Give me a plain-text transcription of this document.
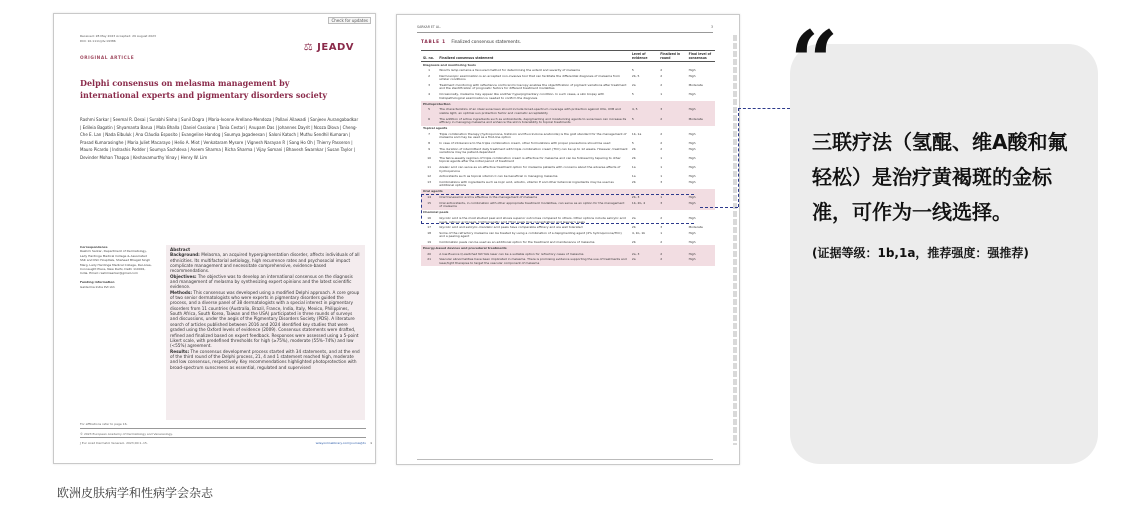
Check for updates
Received: 28 May 2023 Accepted: 29 August 2023
DOI: 10.1111/jdv.19386
⚖ JEADV
ORIGINAL ARTICLE
Delphi consensus on melasma management by international experts and pigmentary disorders society
Rashmi Sarkar | Seemal R. Desai | Surabhi Sinha | Sunil Dogra | Maria-Ivonne Arellano-Mendoza | Pallavi Ailawadi | Sanjeev Aurangabadkar | Edileia Bagatin | Shyamanta Barua | Mala Bhalla | Daniel Cassiano | Tania Cestari | Anupam Das | Johannes Dayrit | Ncoza Dlova | Cheng-Che E. Lan | Nada Elbuluk | Ana Cláudia Esposito | Evangeline Handog | Soumya Jagadeesan | Saloni Katoch | Muthu Sendhil Kumaran | Prasad Kumarasinghe | Maria Juliet Macarayo | Helio A. Miot | Venkataram Mysore | Vignesh Narayan R | Sang Ho Oh | Thierry Passeron | Mauro Picardo | Indrashis Podder | Soumya Sachdeva | Aseem Sharma | Richa Sharma | Vijay Somani | Bhavesh Swarnkar | Susan Taylor | Devinder Mohan Thappa | Keshavamurthy Vinay | Henry W. Lim
Correspondence
Rashmi Sarkar, Department of Dermatology, Lady Hardinge Medical College & Associated SSK and KSC Hospitals, Shaheed Bhagat Singh Marg, Lady Hardinge Medical College, Del-Area, Connaught Place, New Delhi, Delhi 110001, India. Email: rashmisarkar@gmail.com

Funding information
Galderma India Pvt Ltd.
Abstract
Background: Melasma, an acquired hyperpigmentation disorder, affects individuals of all ethnicities. Its multifactorial aetiology, high recurrence rates and psychosocial impact complicate management and necessitate comprehensive, evidence-based recommendations.
Objectives: The objective was to develop an international consensus on the diagnosis and management of melasma by synthesizing expert opinions and the latest scientific evidence.
Methods: This consensus was developed using a modified Delphi approach. A core group of two senior dermatologists who were experts in pigmentary disorders guided the process, and a diverse panel of 38 dermatologists with a special interest in pigmentary disorders from 11 countries (Australia, Brazil, France, India, Italy, Mexico, Philippines, South Africa, South Korea, Taiwan and the USA) participated in three rounds of surveys and discussions, under the aegis of the Pigmentary Disorders Society (PDS). A literature search of articles published between 2016 and 2024 identified key studies that were graded using the Oxford levels of evidence (2009). Consensus statements were drafted, refined and finalized based on expert feedback. Responses were assessed using a 5-point Likert scale, with predefined thresholds for high (≥75%), moderate (55%–74%) and low (<55%) agreement.
Results: The consensus development process started with 34 statements, and at the end of the third round of the Delphi process, 21, 4 and 1 statement reached high, moderate and low consensus, respectively. Key recommendations highlighted photoprotection with broad-spectrum sunscreens as essential, regulated and supervised
For affiliations refer to page 16.
© 2023 European Academy of Dermatology and Venereology.
J Eur Acad Dermatol Venereol. 2023;00:1–15.	wileyonlinelibrary.com/journal/jdv 1
SARKAR ET AL.	3
TABLE 1 Finalized consensus statements.
Sl. no.	Finalized consensus statement	Level of evidence	Finalized in round	Final level of consensus
Diagnosis and monitoring tools				
1	Wood's lamp remains a favoured method for determining the extent and severity of melasma	5	2	High
2	Dermoscopic examination is an accepted non-invasive tool that can facilitate the differential diagnosis of melasma from similar conditions	2b, 5	2	High
3	Treatment monitoring with reflectance confocal microscopy enables the objectification of pigment variations after treatment and the identification of prognostic factors for different treatment modalities	2a	2	Moderate
4	Occasionally, melasma may appear like another hyperpigmentary condition. In such cases, a skin biopsy with histopathological examination is needed to confirm the diagnosis	5	1	High
Photoprotection				
5	The characteristics of an ideal sunscreen should include broad-spectrum coverage with protection against UVA, UVB and visible light, an optimal sun protection factor and cosmetic acceptability	4, 5	3	High
6	The addition of active ingredients such as antioxidants, depigmenting and moisturizing agents to sunscreen can increase its efficacy in managing melasma and enhance the skin's tolerability to topical treatments	5	2	Moderate
Topical agents				
7	Triple combination therapy (hydroquinone, tretinoin and fluocinolone acetonide) is the gold standard for the management of melasma and may be used as a first-line option	1b, 1a	2	High
8	In case of intolerance to the triple combination cream, other formulations with proper precautions should be used	5	2	High
9	The duration of intermittent daily treatment with triple combination cream (TCC) can be up to 12 weeks. However, treatment variations may be patient-dependent	2b	2	High
10	The twice-weekly regimen of triple combination cream is effective for melasma and can be followed by tapering to other topical agents after the initial period of treatment	2b	1	High
11	Azelaic acid can serve as an effective treatment option for melasma patients with concerns about the adverse effects of hydroquinone	1a	1	High
12	Antioxidants such as topical vitamin C can be beneficial in managing melasma	1a	1	High
13	Combinations with ingredients such as kojic acid, arbutin, vitamin E and other botanical ingredients may be used as additional options	2b	3	High
Oral agents				
14	Oral tranexamic acid is effective in the management of melasma	2b, 3	1	High
15	Oral antioxidants, in combination with other appropriate treatment modalities, can serve as an option for the management of melasma	1b, 2b, 4	3	High
Chemical peels				
16	Glycolic acid is the most studied peel and shows superior outcomes compared to others. Other options include salicylic acid peels, retinoic acid peels, trichloroacetic acid (TCA) peels (low concentration) and Jessner's peels	2a	2	High
17	Glycolic acid and salicylic–mandelic acid peels have comparable efficacy and are well tolerated	2b	3	Moderate
18	Some of the refractory melasma can be treated by using a combination of a depigmenting agent (4% hydroquinone/TCC) and a peeling agent	4, 1b, 1b	1	High
19	Combination peels can be used as an additional option for the treatment and maintenance of melasma	2b	2	High
Energy-based devices and procedural treatments				
20	A low-fluence Q-switched Nd:YAG laser can be a suitable option for refractory cases of melasma	2a, 3	2	High
21	Vascular abnormalities have been implicated in melasma. There is promising evidence supporting the use of treatments and laser/light therapies to target the vascular component of melasma	2a	2	High
“
三联疗法（氢醌、维A酸和氟轻松）是治疗黄褐斑的金标准，可作为一线选择。
(证据等级：1b,1a，推荐强度：强推荐)
欧洲皮肤病学和性病学会杂志
